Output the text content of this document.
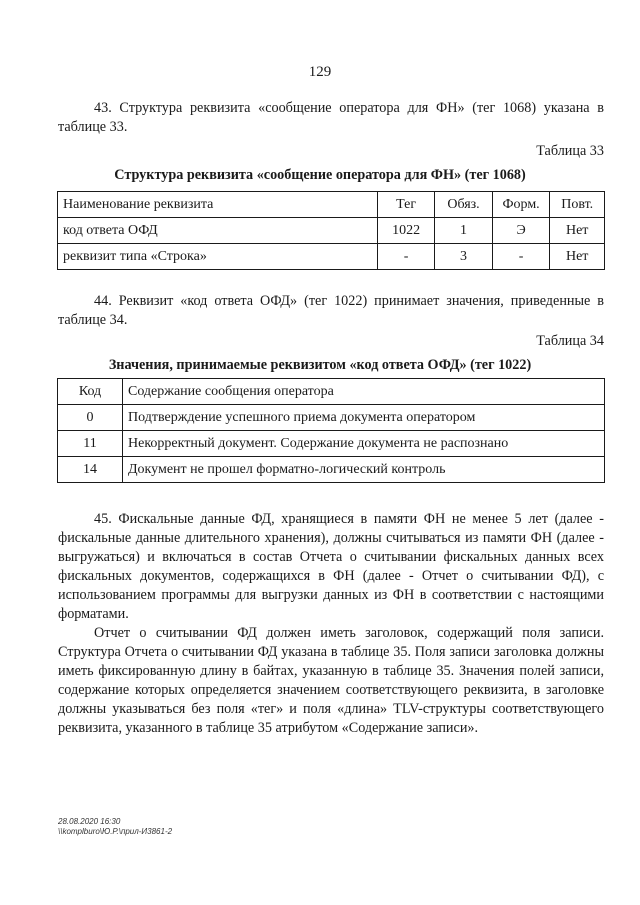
129
43. Структура реквизита «сообщение оператора для ФН» (тег 1068) указана в таблице 33.
Таблица 33
Структура реквизита «сообщение оператора для ФН» (тег 1068)
Наименование реквизита	Тег	Обяз.	Форм.	Повт.
код ответа ОФД	1022	1	Э	Нет
реквизит типа «Строка»	-	3	-	Нет
44. Реквизит «код ответа ОФД» (тег 1022) принимает значения, приведенные в таблице 34.
Таблица 34
Значения, принимаемые реквизитом «код ответа ОФД» (тег 1022)
Код	Содержание сообщения оператора
0	Подтверждение успешного приема документа оператором
11	Некорректный документ. Содержание документа не распознано
14	Документ не прошел форматно-логический контроль
45. Фискальные данные ФД, хранящиеся в памяти ФН не менее 5 лет (далее - фискальные данные длительного хранения), должны считываться из памяти ФН (далее - выгружаться) и включаться в состав Отчета о считывании фискальных данных всех фискальных документов, содержащихся в ФН (далее - Отчет о считывании ФД), с использованием программы для выгрузки данных из ФН в соответствии с настоящими форматами.
Отчет о считывании ФД должен иметь заголовок, содержащий поля записи. Структура Отчета о считывании ФД указана в таблице 35. Поля записи заголовка должны иметь фиксированную длину в байтах, указанную в таблице 35. Значения полей записи, содержание которых определяется значением соответствующего реквизита, в заголовке должны указываться без поля «тег» и поля «длина» TLV-структуры соответствующего реквизита, указанного в таблице 35 атрибутом «Содержание записи».
28.08.2020 16:30
\\komplburo\Ю.Р.\прил-И3861-2
